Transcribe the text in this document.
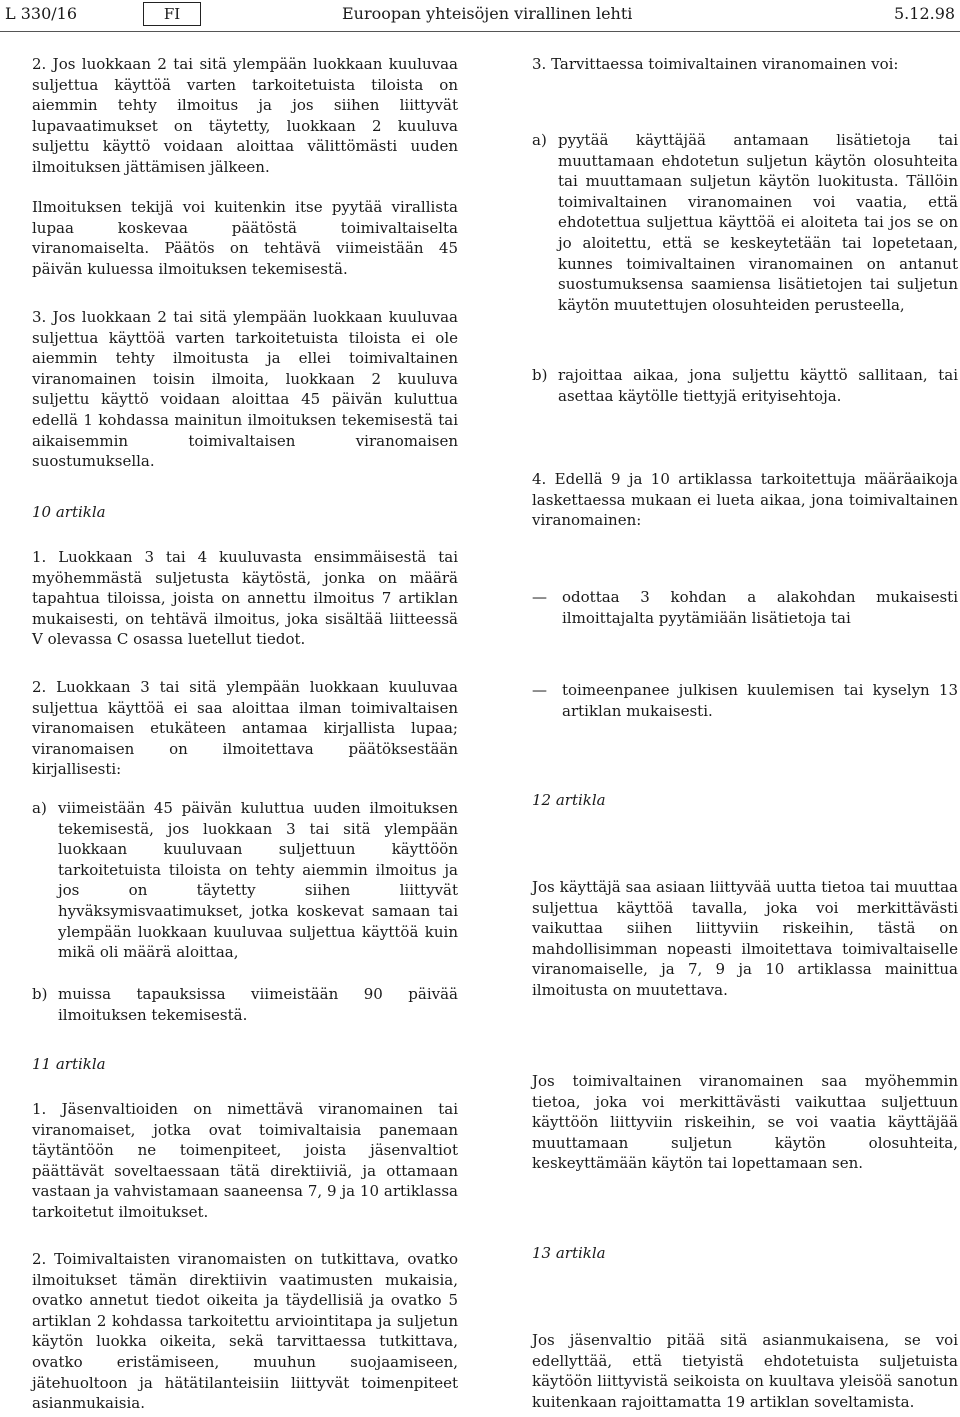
L 330/16	FI	Euroopan yhteisöjen virallinen lehti	5.12.98

2. Jos luokkaan 2 tai sitä ylempään luokkaan kuuluvaa suljettua käyttöä varten tarkoitetuista tiloista on aiemmin tehty ilmoitus ja jos siihen liittyvät lupavaatimukset on täytetty, luokkaan 2 kuuluva suljettu käyttö voidaan aloittaa välittömästi uuden ilmoituksen jättämisen jälkeen.

Ilmoituksen tekijä voi kuitenkin itse pyytää virallista lupaa koskevaa päätöstä toimivaltaiselta viranomaiselta. Päätös on tehtävä viimeistään 45 päivän kuluessa ilmoituksen tekemisestä.

3. Jos luokkaan 2 tai sitä ylempään luokkaan kuuluvaa suljettua käyttöä varten tarkoitetuista tiloista ei ole aiemmin tehty ilmoitusta ja ellei toimivaltainen viranomainen toisin ilmoita, luokkaan 2 kuuluva suljettu käyttö voidaan aloittaa 45 päivän kuluttua edellä 1 kohdassa mainitun ilmoituksen tekemisestä tai aikaisemmin toimivaltaisen viranomaisen suostumuksella.

10 artikla

1. Luokkaan 3 tai 4 kuuluvasta ensimmäisestä tai myöhemmästä suljetusta käytöstä, jonka on määrä tapahtua tiloissa, joista on annettu ilmoitus 7 artiklan mukaisesti, on tehtävä ilmoitus, joka sisältää liitteessä V olevassa C osassa luetellut tiedot.

2. Luokkaan 3 tai sitä ylempään luokkaan kuuluvaa suljettua käyttöä ei saa aloittaa ilman toimivaltaisen viranomaisen etukäteen antamaa kirjallista lupaa; viranomaisen on ilmoitettava päätöksestään kirjallisesti:

a) viimeistään 45 päivän kuluttua uuden ilmoituksen tekemisestä, jos luokkaan 3 tai sitä ylempään luokkaan kuuluvaan suljettuun käyttöön tarkoitetuista tiloista on tehty aiemmin ilmoitus ja jos on täytetty siihen liittyvät hyväksymisvaatimukset, jotka koskevat samaan tai ylempään luokkaan kuuluvaa suljettua käyttöä kuin mikä oli määrä aloittaa,
b) muissa tapauksissa viimeistään 90 päivää ilmoituksen tekemisestä.

11 artikla

1. Jäsenvaltioiden on nimettävä viranomainen tai viranomaiset, jotka ovat toimivaltaisia panemaan täytäntöön ne toimenpiteet, joista jäsenvaltiot päättävät soveltaessaan tätä direktiiviä, ja ottamaan vastaan ja vahvistamaan saaneensa 7, 9 ja 10 artiklassa tarkoitetut ilmoitukset.

2. Toimivaltaisten viranomaisten on tutkittava, ovatko ilmoitukset tämän direktiivin vaatimusten mukaisia, ovatko annetut tiedot oikeita ja täydellisiä ja ovatko 5 artiklan 2 kohdassa tarkoitettu arviointitapa ja suljetun käytön luokka oikeita, sekä tarvittaessa tutkittava, ovatko eristämiseen, muuhun suojaamiseen, jätehuoltoon ja hätätilanteisiin liittyvät toimenpiteet asianmukaisia.

3. Tarvittaessa toimivaltainen viranomainen voi:

a) pyytää käyttäjää antamaan lisätietoja tai muuttamaan ehdotetun suljetun käytön olosuhteita tai muuttamaan suljetun käytön luokitusta. Tällöin toimivaltainen viranomainen voi vaatia, että ehdotettua suljettua käyttöä ei aloiteta tai jos se on jo aloitettu, että se keskeytetään tai lopetetaan, kunnes toimivaltainen viranomainen on antanut suostumuksensa saamiensa lisätietojen tai suljetun käytön muutettujen olosuhteiden perusteella,
b) rajoittaa aikaa, jona suljettu käyttö sallitaan, tai asettaa käytölle tiettyjä erityisehtoja.

4. Edellä 9 ja 10 artiklassa tarkoitettuja määräaikoja laskettaessa mukaan ei lueta aikaa, jona toimivaltainen viranomainen:

—	odottaa 3 kohdan a alakohdan mukaisesti ilmoittajalta pyytämiään lisätietoja tai
—	toimeenpanee julkisen kuulemisen tai kyselyn 13 artiklan mukaisesti.

12 artikla

Jos käyttäjä saa asiaan liittyvää uutta tietoa tai muuttaa suljettua käyttöä tavalla, joka voi merkittävästi vaikuttaa siihen liittyviin riskeihin, tästä on mahdollisimman nopeasti ilmoitettava toimivaltaiselle viranomaiselle, ja 7, 9 ja 10 artiklassa mainittua ilmoitusta on muutettava.

Jos toimivaltainen viranomainen saa myöhemmin tietoa, joka voi merkittävästi vaikuttaa suljettuun käyttöön liittyviin riskeihin, se voi vaatia käyttäjää muuttamaan suljetun käytön olosuhteita, keskeyttämään käytön tai lopettamaan sen.

13 artikla

Jos jäsenvaltio pitää sitä asianmukaisena, se voi edellyttää, että tietyistä ehdotetuista suljetuista käytöön liittyvistä seikoista on kuultava yleisöä sanotun kuitenkaan rajoittamatta 19 artiklan soveltamista.
